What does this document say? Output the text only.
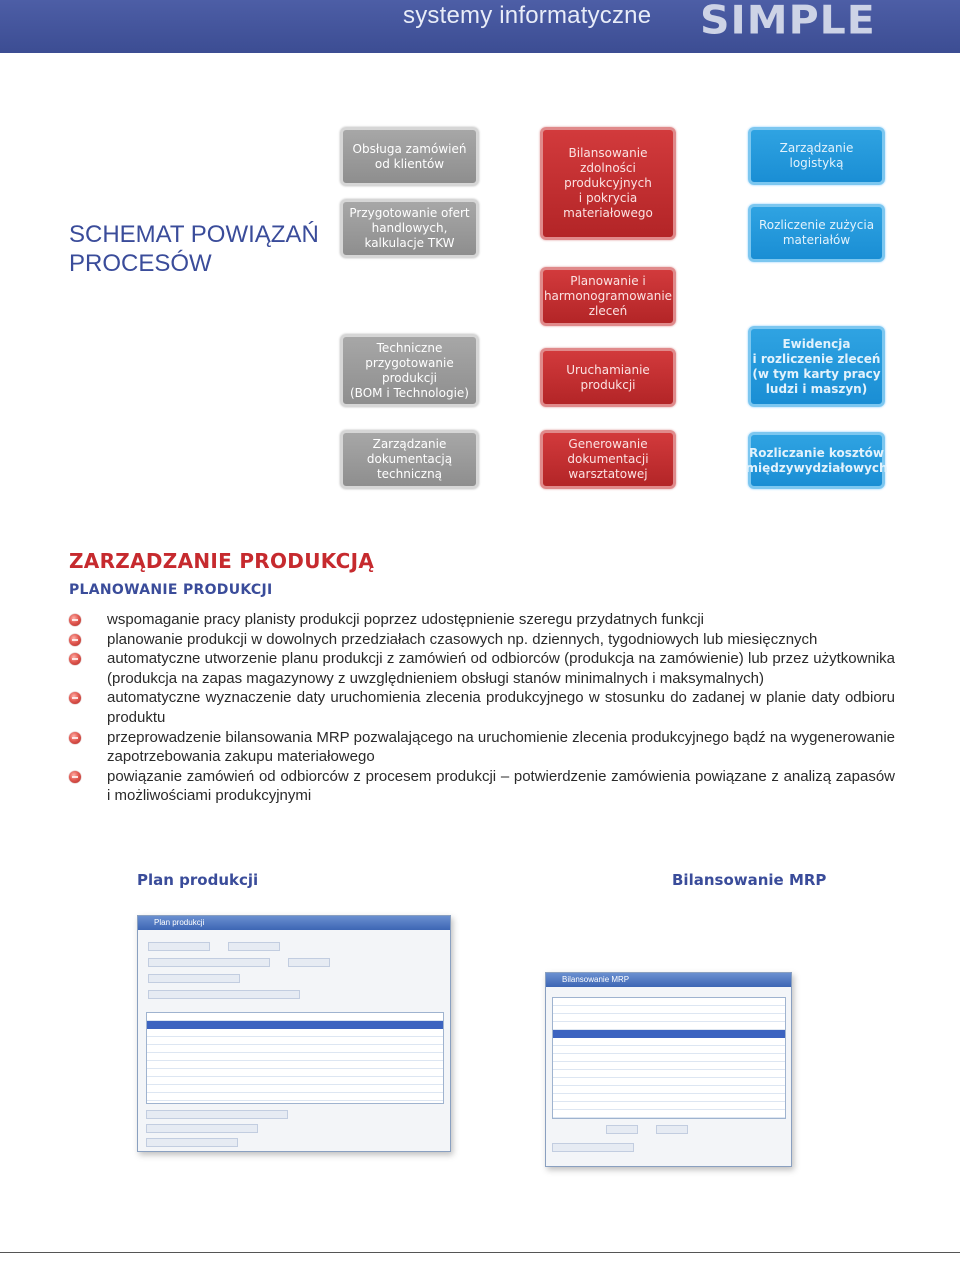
systemy informatyczne SIMPLE
SCHEMAT POWIĄZAŃ PROCESÓW
Obsługa zamówień
od klientów
Przygotowanie ofert
handlowych,
kalkulacje TKW
Techniczne
przygotowanie
produkcji
(BOM i Technologie)
Zarządzanie
dokumentacją
techniczną
Bilansowanie
zdolności
produkcyjnych
i pokrycia
materiałowego
Planowanie i
harmonogramowanie
zleceń
Uruchamianie
produkcji
Generowanie
dokumentacji
warsztatowej
Zarządzanie
logistyką
Rozliczenie zużycia
materiałów
Ewidencja
i rozliczenie zleceń
(w tym karty pracy
ludzi i maszyn)
Rozliczanie kosztów
międzywydziałowych
ZARZĄDZANIE PRODUKCJĄ
PLANOWANIE PRODUKCJI
wspomaganie pracy planisty produkcji poprzez udostępnienie szeregu przydatnych funkcji
planowanie produkcji w dowolnych przedziałach czasowych np. dziennych, tygodniowych lub miesięcznych
automatyczne utworzenie planu produkcji z zamówień od odbiorców (produkcja na zamówienie) lub przez użytkownika (produkcja na zapas magazynowy z uwzględnieniem obsługi stanów minimalnych i maksymalnych)
automatyczne wyznaczenie daty uruchomienia zlecenia produkcyjnego w stosunku do zadanej w planie daty odbioru produktu
przeprowadzenie bilansowania MRP pozwalającego na uruchomienie zlecenia produkcyjnego bądź na wygenerowanie zapotrzebowania zakupu materiałowego
powiązanie zamówień od odbiorców z procesem produkcji – potwierdzenie zamówienia powiązane z analizą zapasów i możliwościami produkcyjnymi
Plan produkcji	Bilansowanie MRP
Plan produkcji
Bilansowanie MRP
